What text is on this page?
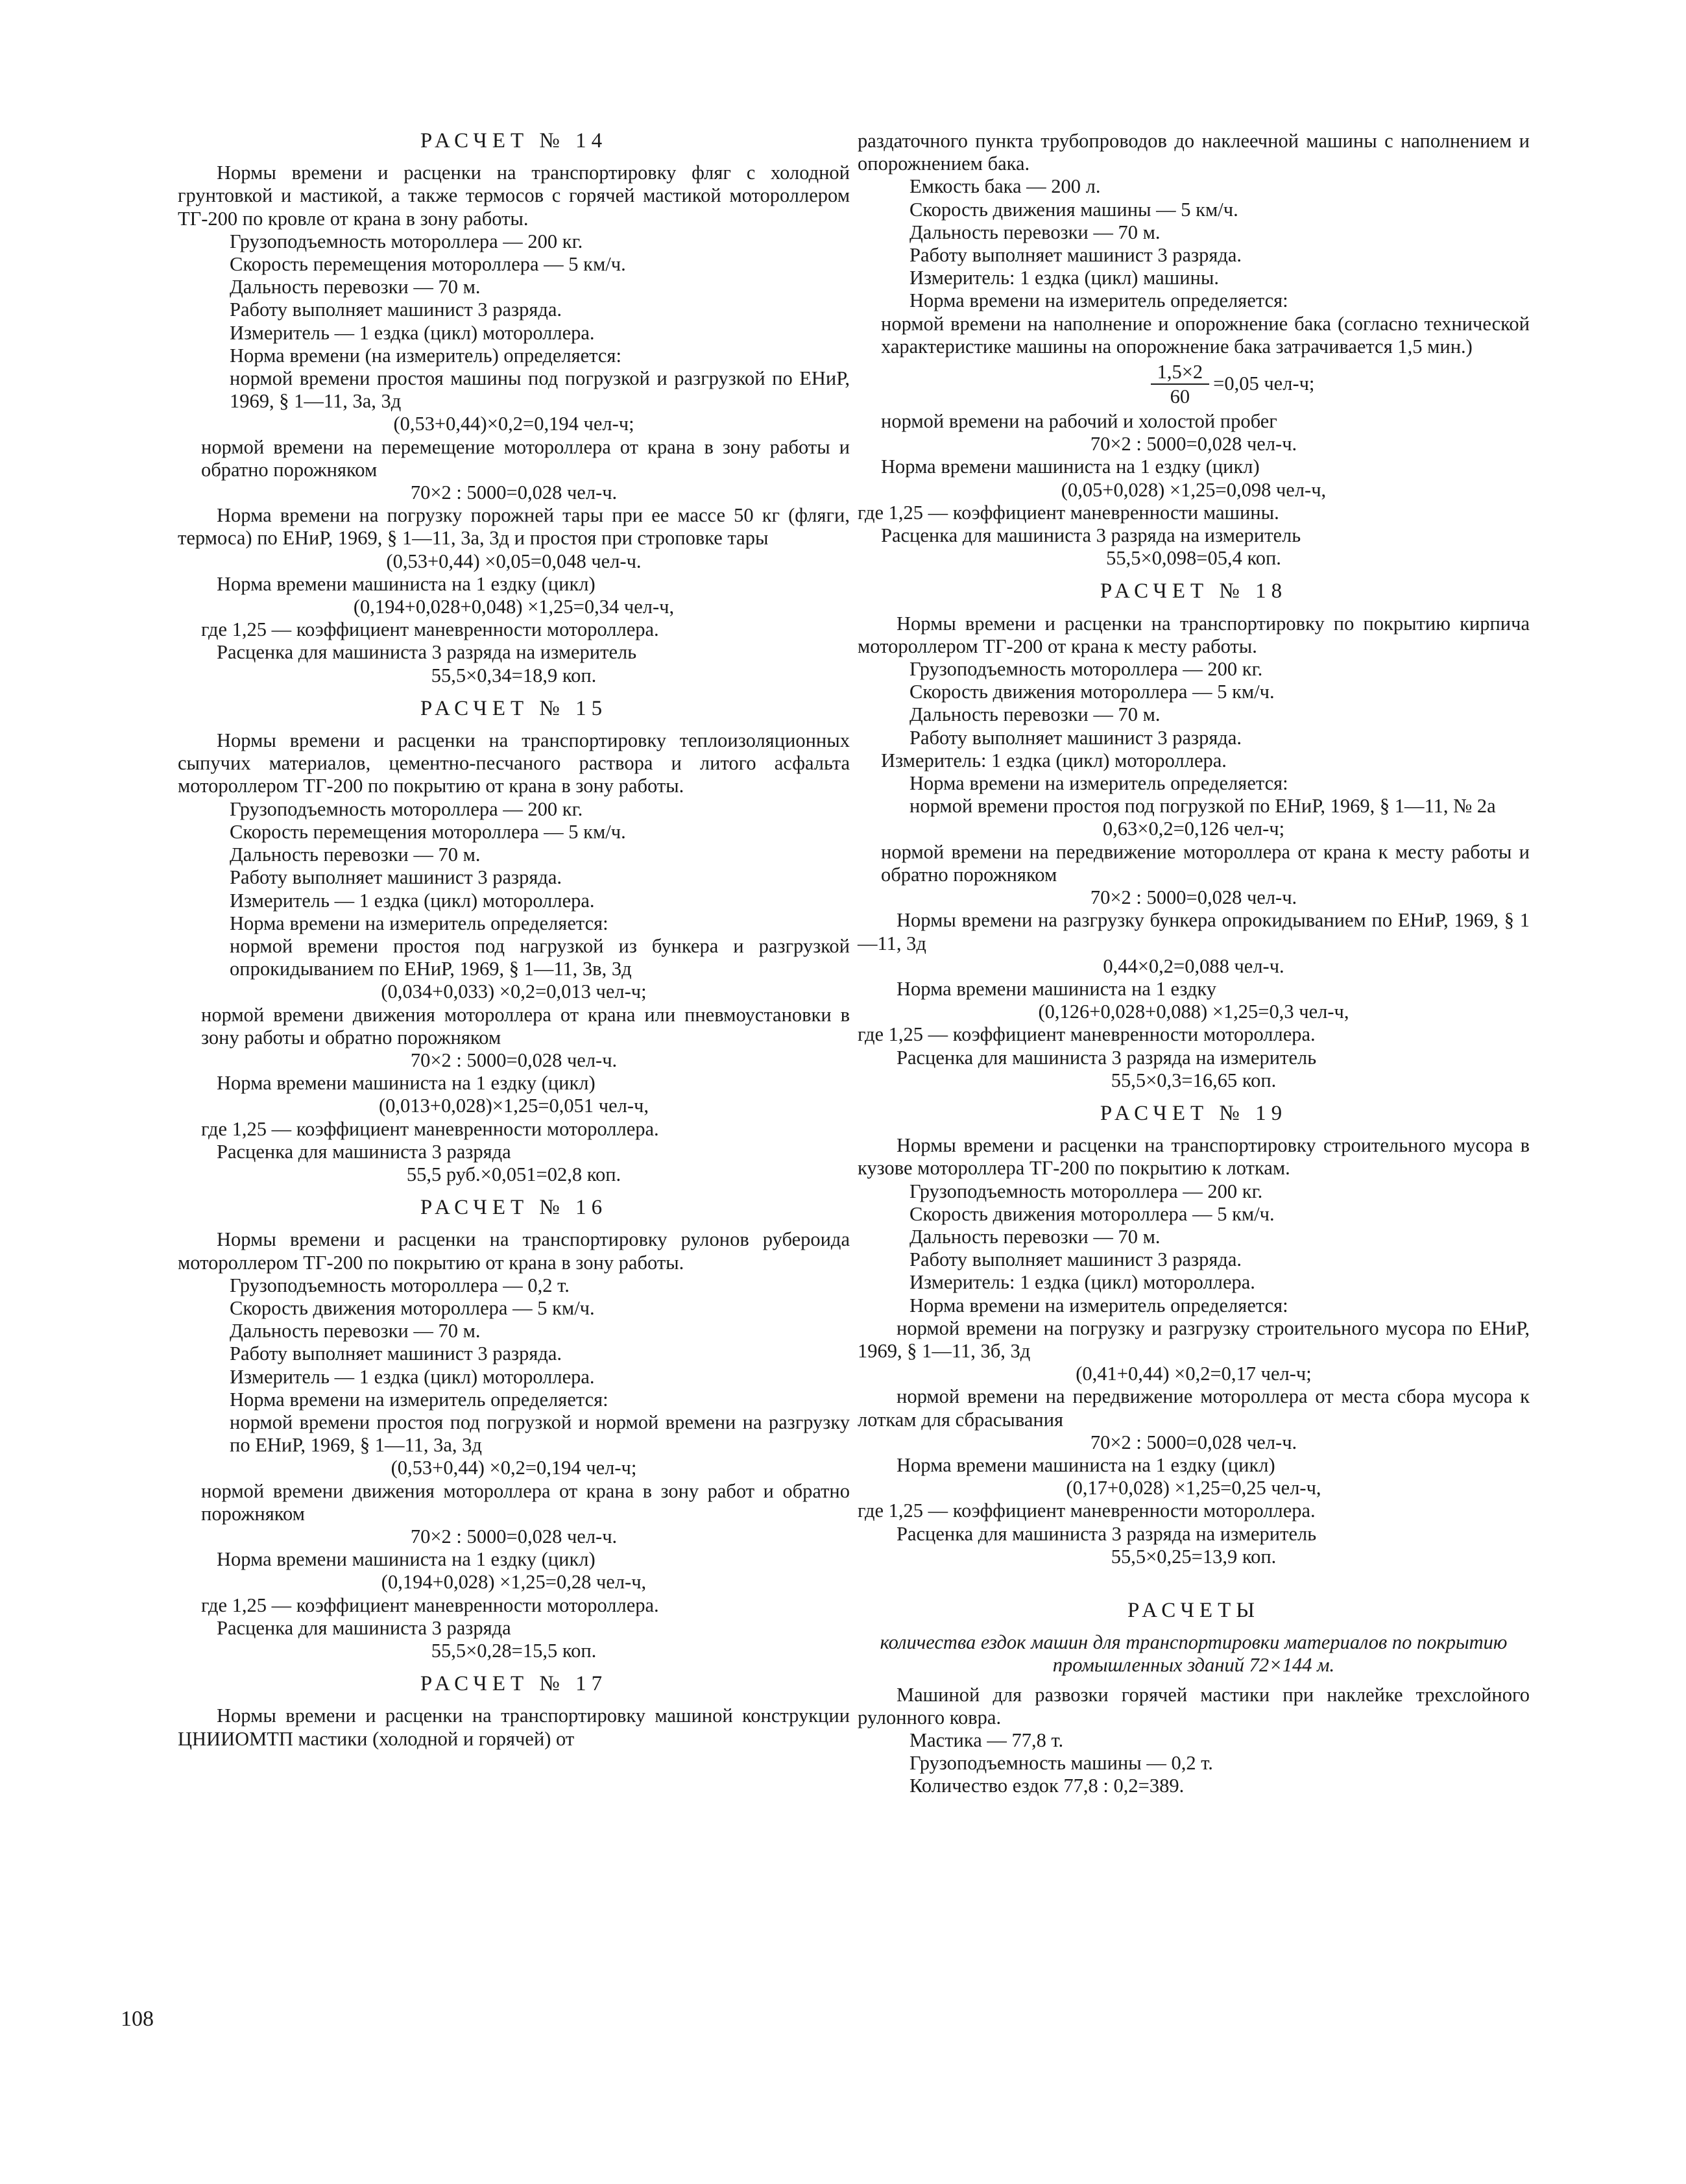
РАСЧЕТ № 14

Нормы времени и расценки на транспортировку фляг с холодной грунтовкой и мастикой, а также термосов с горячей мастикой мотороллером ТГ-200 по кровле от крана в зону работы.

Грузоподъемность мотороллера — 200 кг.

Скорость перемещения мотороллера — 5 км/ч.

Дальность перевозки — 70 м.

Работу выполняет машинист 3 разряда.

Измеритель — 1 ездка (цикл) мотороллера.

Норма времени (на измеритель) определяется:

нормой времени простоя машины под погрузкой и разгрузкой по ЕНиР, 1969, § 1—11, 3а, 3д

(0,53+0,44)×0,2=0,194 чел-ч;

нормой времени на перемещение мотороллера от крана в зону работы и обратно порожняком

70×2 : 5000=0,028 чел-ч.

Норма времени на погрузку порожней тары при ее массе 50 кг (фляги, термоса) по ЕНиР, 1969, § 1—11, 3а, 3д и простоя при строповке тары

(0,53+0,44) ×0,05=0,048 чел-ч.

Норма времени машиниста на 1 ездку (цикл)

(0,194+0,028+0,048) ×1,25=0,34 чел-ч,

где 1,25 — коэффициент маневренности мотороллера.

Расценка для машиниста 3 разряда на измеритель

55,5×0,34=18,9 коп.

РАСЧЕТ № 15

Нормы времени и расценки на транспортировку теплоизоляционных сыпучих материалов, цементно-песчаного раствора и литого асфальта мотороллером ТГ-200 по покрытию от крана в зону работы.

Грузоподъемность мотороллера — 200 кг.

Скорость перемещения мотороллера — 5 км/ч.

Дальность перевозки — 70 м.

Работу выполняет машинист 3 разряда.

Измеритель — 1 ездка (цикл) мотороллера.

Норма времени на измеритель определяется:

нормой времени простоя под нагрузкой из бункера и разгрузкой опрокидыванием по ЕНиР, 1969, § 1—11, 3в, 3д

(0,034+0,033) ×0,2=0,013 чел-ч;

нормой времени движения мотороллера от крана или пневмоустановки в зону работы и обратно порожняком

70×2 : 5000=0,028 чел-ч.

Норма времени машиниста на 1 ездку (цикл)

(0,013+0,028)×1,25=0,051 чел-ч,

где 1,25 — коэффициент маневренности мотороллера.

Расценка для машиниста 3 разряда

55,5 руб.×0,051=02,8 коп.

РАСЧЕТ № 16

Нормы времени и расценки на транспортировку рулонов рубероида мотороллером ТГ-200 по покрытию от крана в зону работы.

Грузоподъемность мотороллера — 0,2 т.

Скорость движения мотороллера — 5 км/ч.

Дальность перевозки — 70 м.

Работу выполняет машинист 3 разряда.

Измеритель — 1 ездка (цикл) мотороллера.

Норма времени на измеритель определяется:

нормой времени простоя под погрузкой и нормой времени на разгрузку по ЕНиР, 1969, § 1—11, 3а, 3д

(0,53+0,44) ×0,2=0,194 чел-ч;

нормой времени движения мотороллера от крана в зону работ и обратно порожняком

70×2 : 5000=0,028 чел-ч.

Норма времени машиниста на 1 ездку (цикл)

(0,194+0,028) ×1,25=0,28 чел-ч,

где 1,25 — коэффициент маневренности мотороллера.

Расценка для машиниста 3 разряда

55,5×0,28=15,5 коп.

РАСЧЕТ № 17

Нормы времени и расценки на транспортировку машиной конструкции ЦНИИОМТП мастики (холодной и горячей) от

раздаточного пункта трубопроводов до наклеечной машины с наполнением и опорожнением бака.

Емкость бака — 200 л.

Скорость движения машины — 5 км/ч.

Дальность перевозки — 70 м.

Работу выполняет машинист 3 разряда.

Измеритель: 1 ездка (цикл) машины.

Норма времени на измеритель определяется:

нормой времени на наполнение и опорожнение бака (согласно технической характеристике машины на опорожнение бака затрачивается 1,5 мин.)

$\frac{1,5\times 2}{60} =0,05$ чел-ч;

нормой времени на рабочий и холостой пробег

70×2 : 5000=0,028 чел-ч.

Норма времени машиниста на 1 ездку (цикл)

(0,05+0,028) ×1,25=0,098 чел-ч,

где 1,25 — коэффициент маневренности машины.

Расценка для машиниста 3 разряда на измеритель

55,5×0,098=05,4 коп.

РАСЧЕТ № 18

Нормы времени и расценки на транспортировку по покрытию кирпича мотороллером ТГ-200 от крана к месту работы.

Грузоподъемность мотороллера — 200 кг.

Скорость движения мотороллера — 5 км/ч.

Дальность перевозки — 70 м.

Работу выполняет машинист 3 разряда.

Измеритель: 1 ездка (цикл) мотороллера.

Норма времени на измеритель определяется:

нормой времени простоя под погрузкой по ЕНиР, 1969, § 1—11, № 2а

0,63×0,2=0,126 чел-ч;

нормой времени на передвижение мотороллера от крана к месту работы и обратно порожняком

70×2 : 5000=0,028 чел-ч.

Нормы времени на разгрузку бункера опрокидыванием по ЕНиР, 1969, § 1—11, 3д

0,44×0,2=0,088 чел-ч.

Норма времени машиниста на 1 ездку

(0,126+0,028+0,088) ×1,25=0,3 чел-ч,

где 1,25 — коэффициент маневренности мотороллера.

Расценка для машиниста 3 разряда на измеритель

55,5×0,3=16,65 коп.

РАСЧЕТ № 19

Нормы времени и расценки на транспортировку строительного мусора в кузове мотороллера ТГ-200 по покрытию к лоткам.

Грузоподъемность мотороллера — 200 кг.

Скорость движения мотороллера — 5 км/ч.

Дальность перевозки — 70 м.

Работу выполняет машинист 3 разряда.

Измеритель: 1 ездка (цикл) мотороллера.

Норма времени на измеритель определяется:

нормой времени на погрузку и разгрузку строительного мусора по ЕНиР, 1969, § 1—11, 3б, 3д

(0,41+0,44) ×0,2=0,17 чел-ч;

нормой времени на передвижение мотороллера от места сбора мусора к лоткам для сбрасывания

70×2 : 5000=0,028 чел-ч.

Норма времени машиниста на 1 ездку (цикл)

(0,17+0,028) ×1,25=0,25 чел-ч,

где 1,25 — коэффициент маневренности мотороллера.

Расценка для машиниста 3 разряда на измеритель

55,5×0,25=13,9 коп.

РАСЧЕТЫ

количества ездок машин для транспортировки материалов по покрытию промышленных зданий 72×144 м.

Машиной для развозки горячей мастики при наклейке трехслойного рулонного ковра.

Мастика — 77,8 т.

Грузоподъемность машины — 0,2 т.

Количество ездок 77,8 : 0,2=389.

108
